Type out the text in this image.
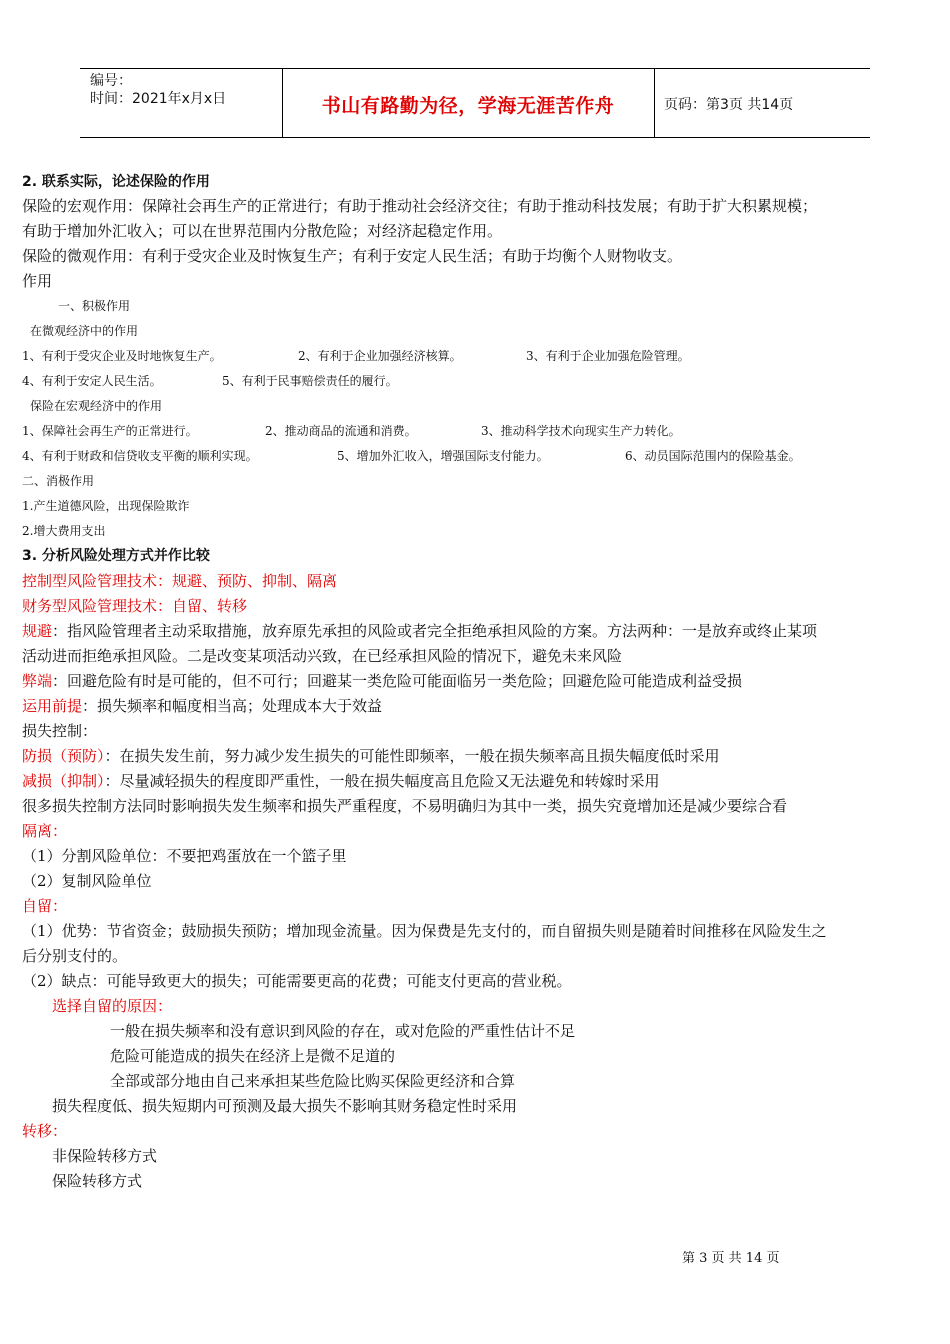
编号：
时间：2021年x月x日	书山有路勤为径，学海无涯苦作舟	页码：第3页 共14页
2. 联系实际，论述保险的作用
保险的宏观作用：保障社会再生产的正常进行；有助于推动社会经济交往；有助于推动科技发展；有助于扩大积累规模；
有助于增加外汇收入；可以在世界范围内分散危险；对经济起稳定作用。
保险的微观作用：有利于受灾企业及时恢复生产；有利于安定人民生活；有助于均衡个人财物收支。
作用
一、积极作用
在微观经济中的作用
1、有利于受灾企业及时地恢复生产。	2、有利于企业加强经济核算。	3、有利于企业加强危险管理。
4、有利于安定人民生活。	5、有利于民事赔偿责任的履行。
保险在宏观经济中的作用
1、保障社会再生产的正常进行。	2、推动商品的流通和消费。	3、推动科学技术向现实生产力转化。
4、有利于财政和信贷收支平衡的顺利实现。	5、增加外汇收入，增强国际支付能力。	6、动员国际范围内的保险基金。
二、消极作用
1.产生道德风险，出现保险欺诈
2.增大费用支出
3. 分析风险处理方式并作比较
控制型风险管理技术：规避、预防、抑制、隔离
财务型风险管理技术：自留、转移
规避：指风险管理者主动采取措施，放弃原先承担的风险或者完全拒绝承担风险的方案。方法两种：一是放弃或终止某项
活动进而拒绝承担风险。二是改变某项活动兴致，在已经承担风险的情况下，避免未来风险
弊端：回避危险有时是可能的，但不可行；回避某一类危险可能面临另一类危险；回避危险可能造成利益受损
运用前提：损失频率和幅度相当高；处理成本大于效益
损失控制：
防损（预防）：在损失发生前，努力减少发生损失的可能性即频率，一般在损失频率高且损失幅度低时采用
减损（抑制）：尽量减轻损失的程度即严重性，一般在损失幅度高且危险又无法避免和转嫁时采用
很多损失控制方法同时影响损失发生频率和损失严重程度，不易明确归为其中一类，损失究竟增加还是减少要综合看
隔离：
（1）分割风险单位：不要把鸡蛋放在一个篮子里
（2）复制风险单位
自留：
（1）优势：节省资金；鼓励损失预防；增加现金流量。因为保费是先支付的，而自留损失则是随着时间推移在风险发生之
后分别支付的。
（2）缺点：可能导致更大的损失；可能需要更高的花费；可能支付更高的营业税。
选择自留的原因：
一般在损失频率和没有意识到风险的存在，或对危险的严重性估计不足
危险可能造成的损失在经济上是微不足道的
全部或部分地由自己来承担某些危险比购买保险更经济和合算
损失程度低、损失短期内可预测及最大损失不影响其财务稳定性时采用
转移：
非保险转移方式
保险转移方式
第 3 页 共 14 页
